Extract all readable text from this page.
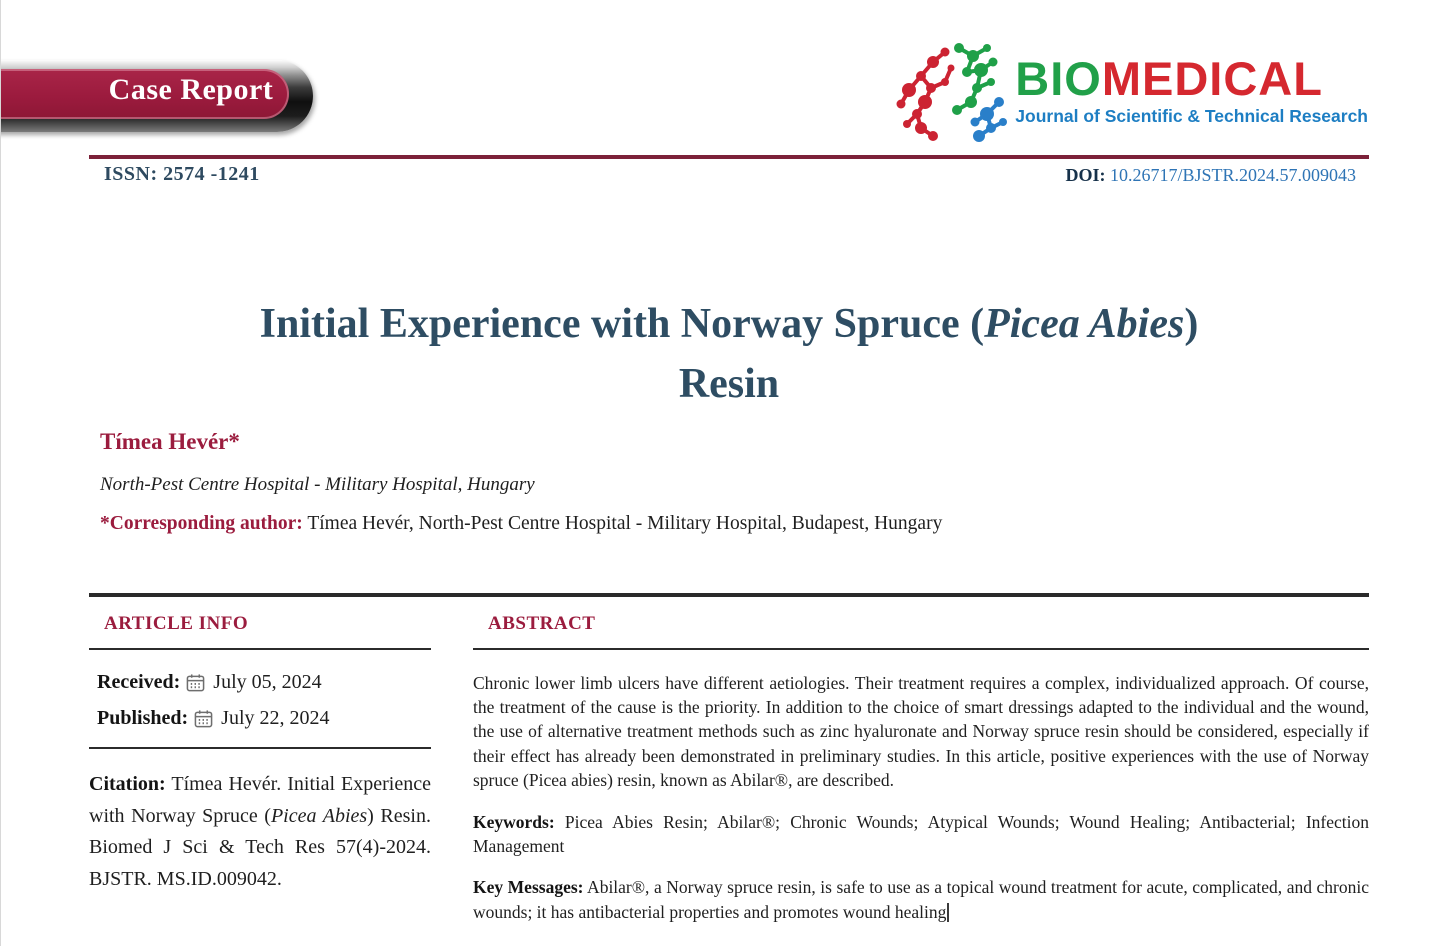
Case Report	BIOMEDICAL
Journal of Scientific & Technical Research
ISSN: 2574 -1241	DOI: 10.26717/BJSTR.2024.57.009043
Initial Experience with Norway Spruce (Picea Abies)
Resin
Tímea Hevér*
North-Pest Centre Hospital - Military Hospital, Hungary
*Corresponding author: Tímea Hevér, North-Pest Centre Hospital - Military Hospital, Budapest, Hungary
ARTICLE INFO
Received: July 05, 2024
Published: July 22, 2024

Citation: Tímea Hevér. Initial Experience with Norway Spruce (Picea Abies) Resin. Biomed J Sci & Tech Res 57(4)-2024. BJSTR. MS.ID.009042.

ABSTRACT

Chronic lower limb ulcers have different aetiologies. Their treatment requires a complex, individualized approach. Of course, the treatment of the cause is the priority. In addition to the choice of smart dressings adapted to the individual and the wound, the use of alternative treatment methods such as zinc hyaluronate and Norway spruce resin should be considered, especially if their effect has already been demonstrated in preliminary studies. In this article, positive experiences with the use of Norway spruce (Picea abies) resin, known as Abilar®, are described.

Keywords: Picea Abies Resin; Abilar®; Chronic Wounds; Atypical Wounds; Wound Healing; Antibacterial; Infection Management

Key Messages: Abilar®, a Norway spruce resin, is safe to use as a topical wound treatment for acute, complicated, and chronic wounds; it has antibacterial properties and promotes wound healing
